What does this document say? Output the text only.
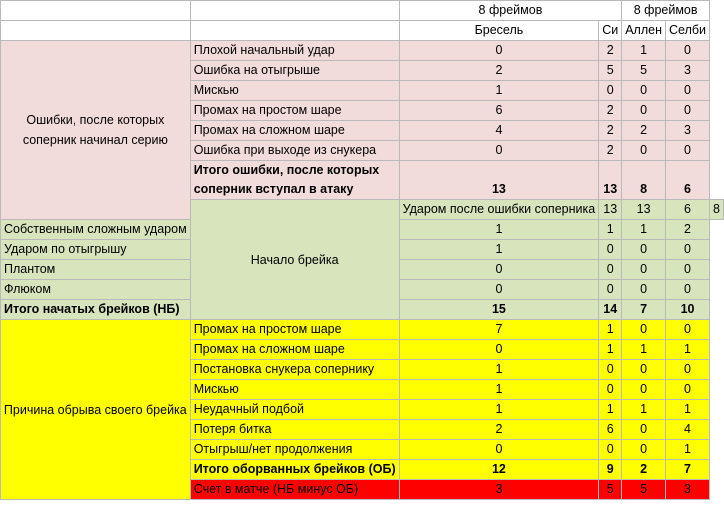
		8 фреймов		8 фреймов		
		Бресель	Си	Аллен	Селби	
Ошибки, после которых соперник начинал серию	Плохой начальный удар	0	2	1	0	
	Ошибка на отыгрыше	2	5	5	3	
	Мискью	1	0	0	0	
	Промах на простом шаре	6	2	0	0	
	Промах на сложном шаре	4	2	2	3	
	Ошибка при выходе из снукера	0	2	0	0	
	Итого ошибки, после которых соперник вступал в атаку	13	13	8	6	
	Начало брейка	Ударом после ошибки соперника	13	13	6	8
Собственным сложным ударом		1	1	1	2	
Ударом по отыгрышу		1	0	0	0	
Плантом		0	0	0	0	
Флюком		0	0	0	0	
Итого начатых брейков (НБ)		15	14	7	10	
Причина обрыва своего брейка	Промах на простом шаре	7	1	0	0	
	Промах на сложном шаре	0	1	1	1	
	Постановка снукера сопернику	1	0	0	0	
	Мискью	1	0	0	0	
	Неудачный подбой	1	1	1	1	
	Потеря битка	2	6	0	4	
	Отыгрыш/нет продолжения	0	0	0	1	
	Итого оборванных брейков (ОБ)	12	9	2	7	
	Счет в матче (НБ минус ОБ)	3	5	5	3	
